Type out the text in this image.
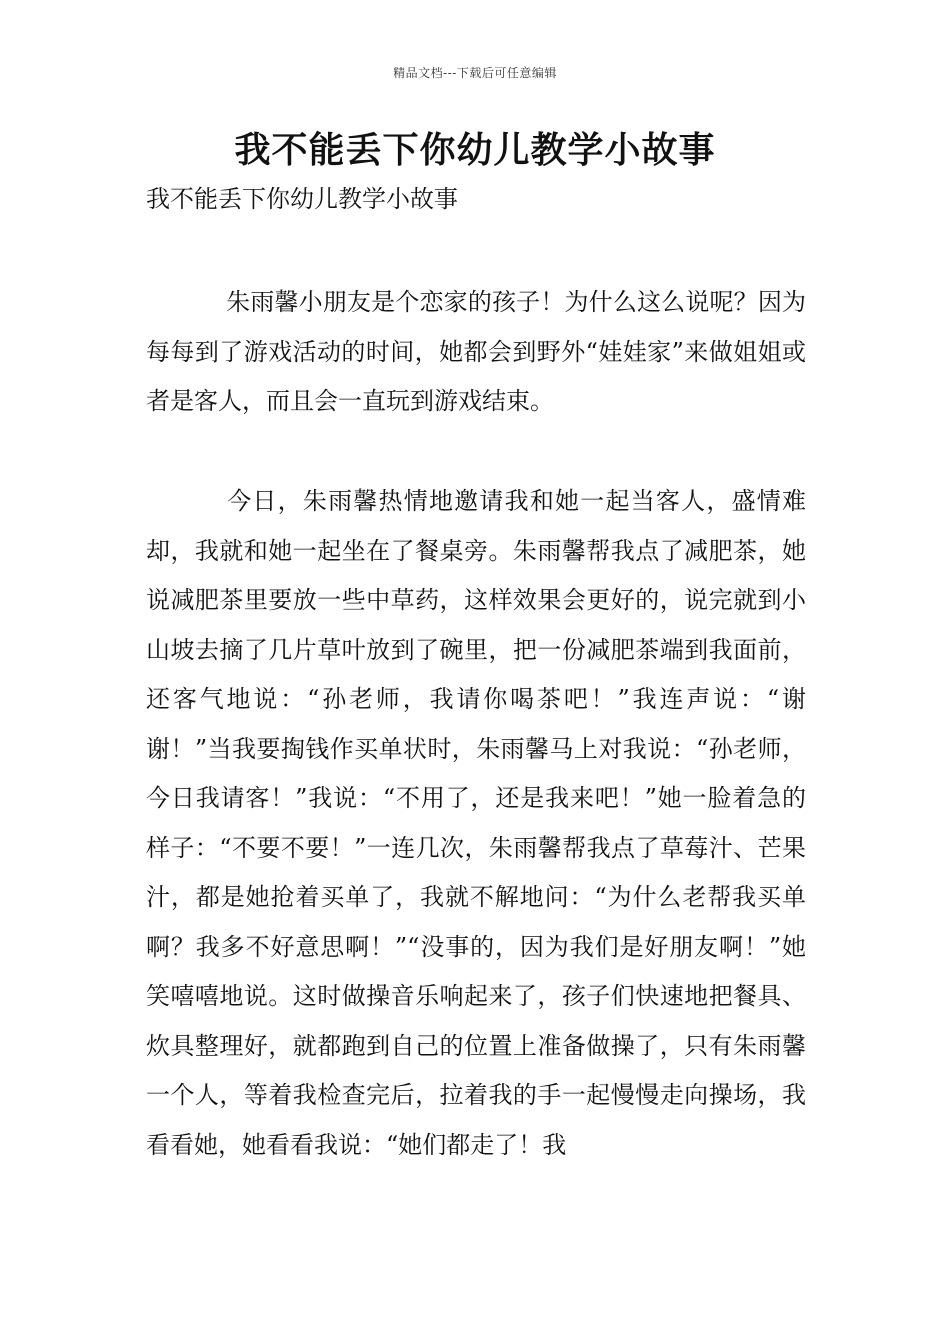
精品文档---下载后可任意编辑
我不能丢下你幼儿教学小故事
我不能丢下你幼儿教学小故事

朱雨馨小朋友是个恋家的孩子！为什么这么说呢？因为每每到了游戏活动的时间，她都会到野外“娃娃家”来做姐姐或者是客人，而且会一直玩到游戏结束。

今日，朱雨馨热情地邀请我和她一起当客人，盛情难却，我就和她一起坐在了餐桌旁。朱雨馨帮我点了减肥茶，她说减肥茶里要放一些中草药，这样效果会更好的，说完就到小山坡去摘了几片草叶放到了碗里，把一份减肥茶端到我面前，还客气地说：“孙老师，我请你喝茶吧！”我连声说：“谢谢！”当我要掏钱作买单状时，朱雨馨马上对我说：“孙老师，今日我请客！”我说：“不用了，还是我来吧！”她一脸着急的样子：“不要不要！”一连几次，朱雨馨帮我点了草莓汁、芒果汁，都是她抢着买单了，我就不解地问：“为什么老帮我买单啊？我多不好意思啊！”“没事的，因为我们是好朋友啊！”她笑嘻嘻地说。这时做操音乐响起来了，孩子们快速地把餐具、炊具整理好，就都跑到自己的位置上准备做操了，只有朱雨馨一个人，等着我检查完后，拉着我的手一起慢慢走向操场，我看看她，她看看我说：“她们都走了！我
